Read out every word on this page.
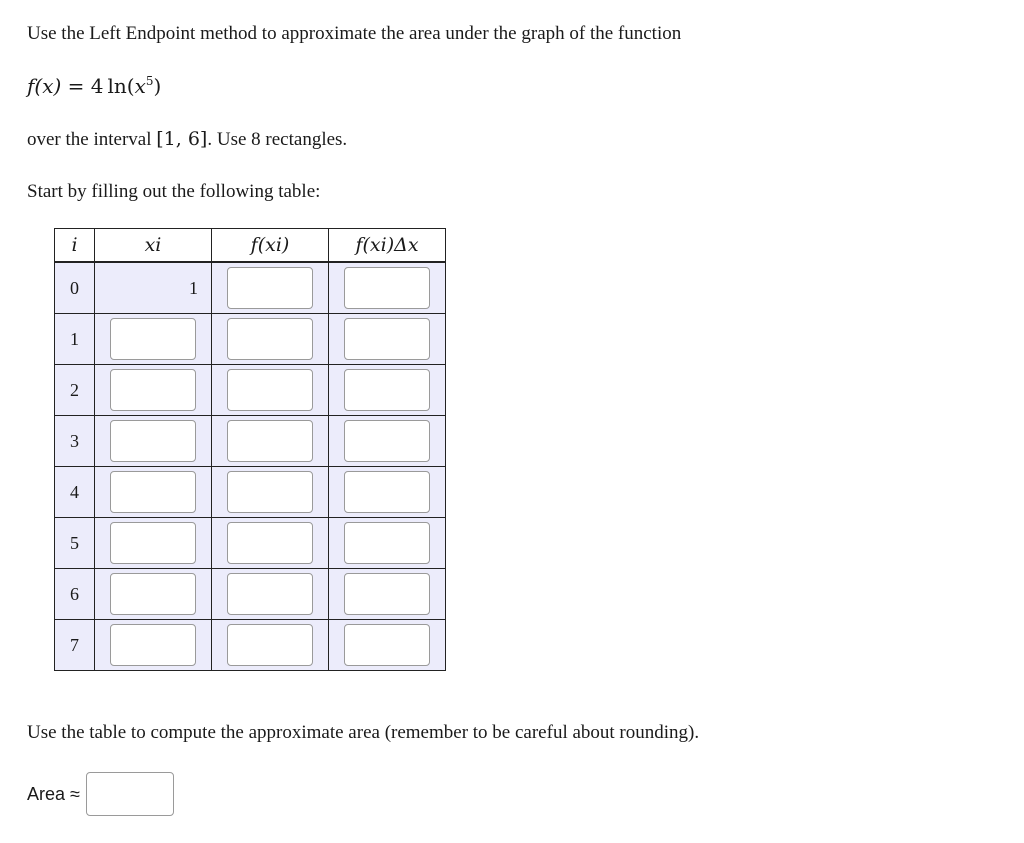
Use the Left Endpoint method to approximate the area under the graph of the function
f(x) = 4  $\ln(x^5)$
over the interval [1, 6]. Use 8 rectangles.
Start by filling out the following table:
i	xi	f(xi)	f(xi)Δx
0	1

1	

2	

3	

4	

5	

6	

7	

Use the table to compute the approximate area (remember to be careful about rounding).
Area ≈
